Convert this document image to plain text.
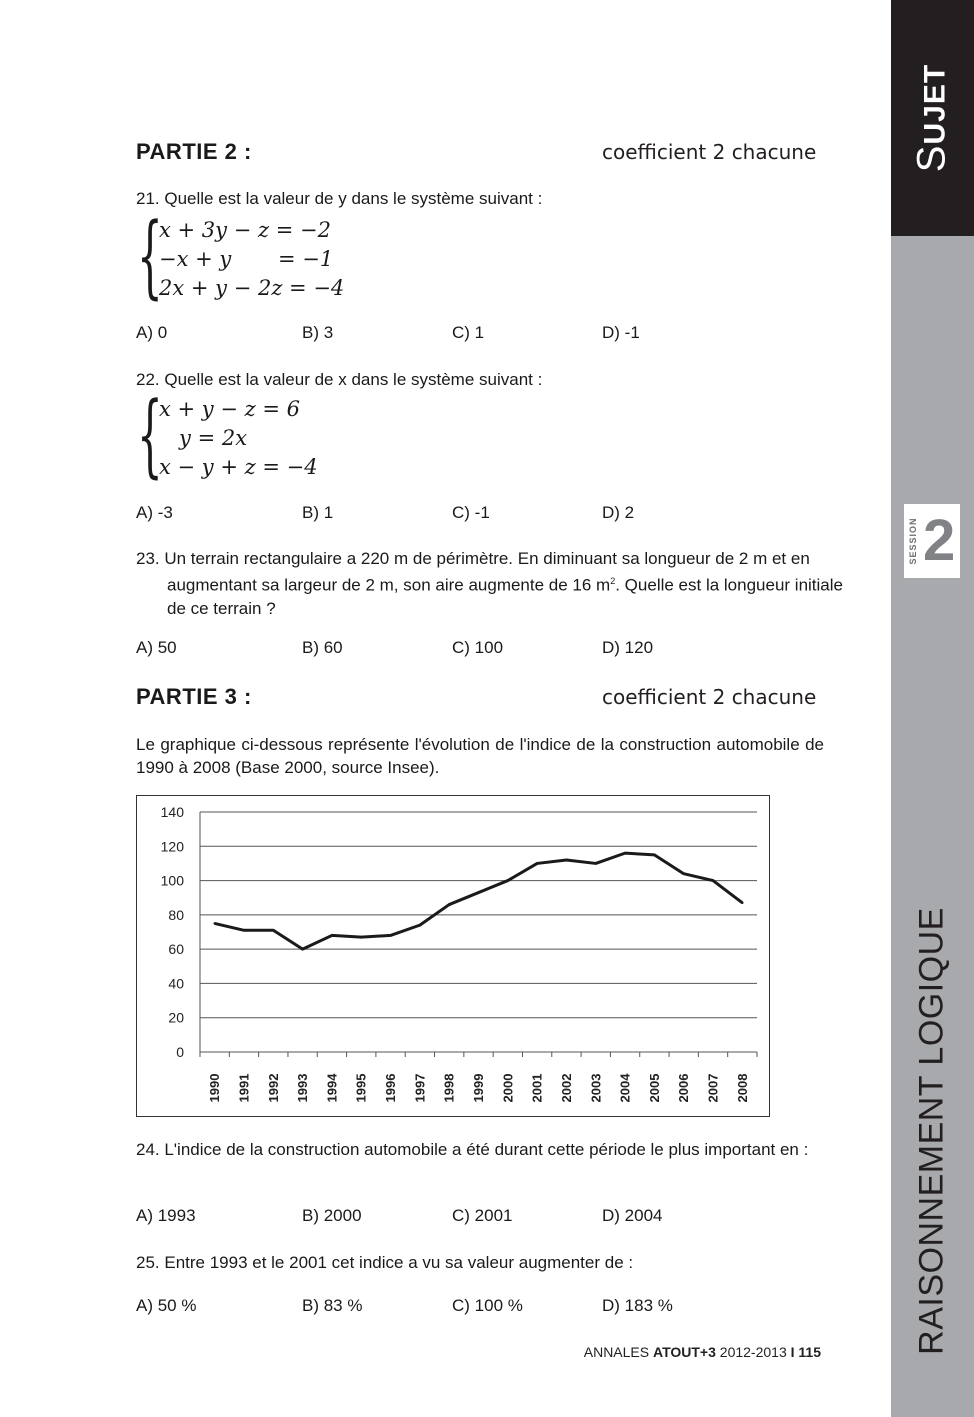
SUJET
SESSION 2
RAISONNEMENT LOGIQUE
PARTIE 2 :	coefficient 2 chacune
21. Quelle est la valeur de y dans le système suivant :
{
x + 3y − z = −2
−x + y       = −1
2x + y − 2z = −4
A) 0	B) 3	C) 1	D) -1
22. Quelle est la valeur de x dans le système suivant :
{
x + y − z = 6
y = 2x
x − y + z = −4
A) -3	B) 1	C) -1	D) 2
23. Un terrain rectangulaire a 220 m de périmètre. En diminuant sa longueur de 2 m et en augmentant sa largeur de 2 m, son aire augmente de 16 $m^2$. Quelle est la longueur initiale de ce terrain ?
A) 50	B) 60	C) 100	D) 120
PARTIE 3 :	coefficient 2 chacune
Le graphique ci-dessous représente l'évolution de l'indice de la construction automobile de 1990 à 2008 (Base 2000, source Insee).
0
20
40
60
80
100
120
140
1990 1991 1992 1993 1994 1995 1996 1997 1998 1999 2000 2001 2002 2003 2004 2005 2006 2007 2008
24. L'indice de la construction automobile a été durant cette période le plus important en :
A) 1993	B) 2000	C) 2001	D) 2004
25. Entre 1993 et le 2001 cet indice a vu sa valeur augmenter de :
A) 50 %	B) 83 %	C) 100 %	D) 183 %
ANNALES ATOUT+3 2012-2013 I 115
